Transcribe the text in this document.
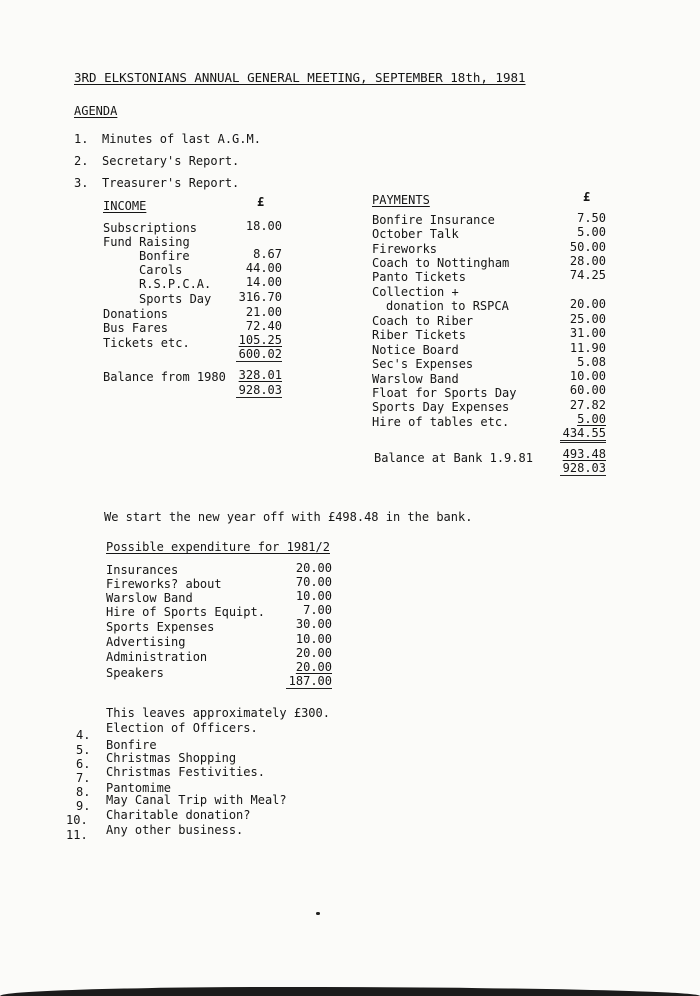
3RD ELKSTONIANS ANNUAL GENERAL MEETING, SEPTEMBER 18th, 1981
AGENDA
1. Minutes of last A.G.M.
2. Secretary's Report.
3. Treasurer's Report.
INCOME	£
Subscriptions	18.00
Fund Raising
Bonfire	8.67
Carols	44.00
R.S.P.C.A.	14.00
Sports Day	316.70
Donations	21.00
Bus Fares	72.40
Tickets etc.	105.25
600.02
Balance from 1980 328.01
928.03
PAYMENTS	£
Bonfire Insurance	7.50
October Talk	5.00
Fireworks	50.00
Coach to Nottingham	28.00
Panto Tickets	74.25
Collection +
donation to RSPCA	20.00
Coach to Riber	25.00
Riber Tickets	31.00
Notice Board	11.90
Sec's Expenses	5.08
Warslow Band	10.00
Float for Sports Day	60.00
Sports Day Expenses	27.82
Hire of tables etc.	5.00
434.55
Balance at Bank 1.9.81 493.48
928.03
We start the new year off with £498.48 in the bank.
Possible expenditure for 1981/2
Insurances	20.00
Fireworks? about	70.00
Warslow Band	10.00
Hire of Sports Equipt.	7.00
Sports Expenses	30.00
Advertising	10.00
Administration	20.00
Speakers	20.00
187.00
This leaves approximately £300.
4. Election of Officers.
5. Bonfire
6. Christmas Shopping
7. Christmas Festivities.
8. Pantomime
9. May Canal Trip with Meal?
10. Charitable donation?
11. Any other business.
